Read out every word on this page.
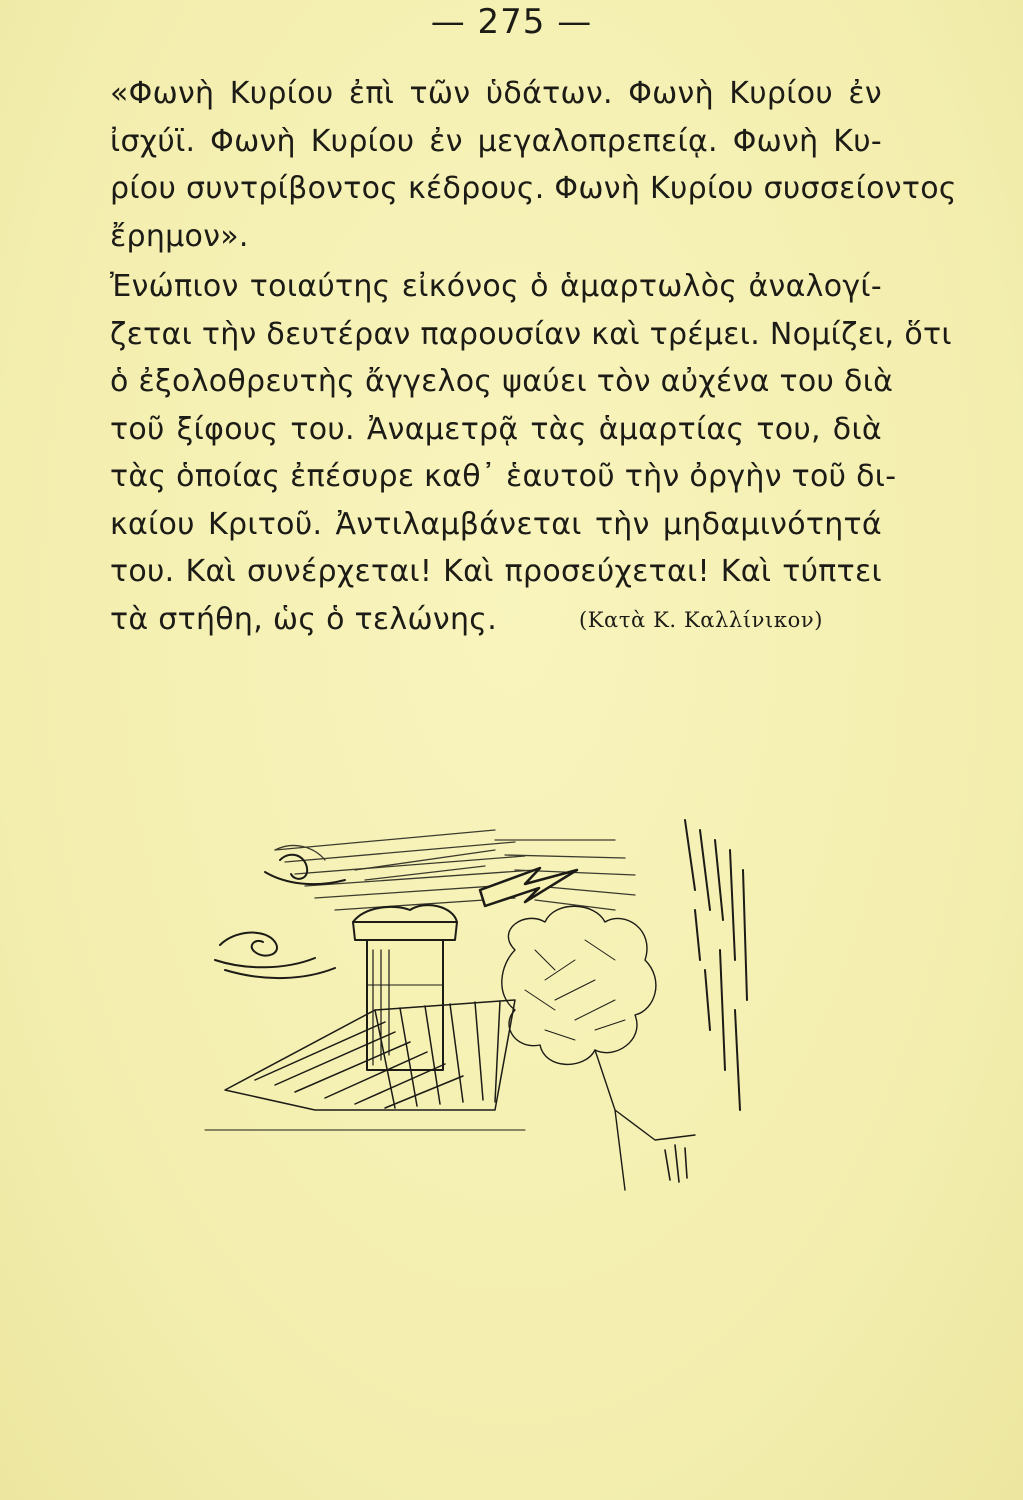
— 275 —
«Φωνὴ Κυρίου ἐπὶ τῶν ὑδάτων. Φωνὴ Κυρίου ἐν
ἰσχύϊ. Φωνὴ Κυρίου ἐν μεγαλοπρεπείᾳ. Φωνὴ Κυ-
ρίου συντρίβοντος κέδρους. Φωνὴ Κυρίου συσσείοντος
ἔρημον».
Ἐνώπιον τοιαύτης εἰκόνος ὁ ἁμαρτωλὸς ἀναλογί-
ζεται τὴν δευτέραν παρουσίαν καὶ τρέμει. Νομίζει, ὅτι
ὁ ἐξολοθρευτὴς ἄγγελος ψαύει τὸν αὐχένα του διὰ
τοῦ ξίφους του. Ἀναμετρᾷ τὰς ἁμαρτίας του, διὰ
τὰς ὁποίας ἐπέσυρε καθ᾽ ἑαυτοῦ τὴν ὀργὴν τοῦ δι-
καίου Κριτοῦ. Ἀντιλαμβάνεται τὴν μηδαμινότητά
του. Καὶ συνέρχεται! Καὶ προσεύχεται! Καὶ τύπτει
τὰ στήθη, ὡς ὁ τελώνης.	(Κατὰ Κ. Καλλίνικον)
